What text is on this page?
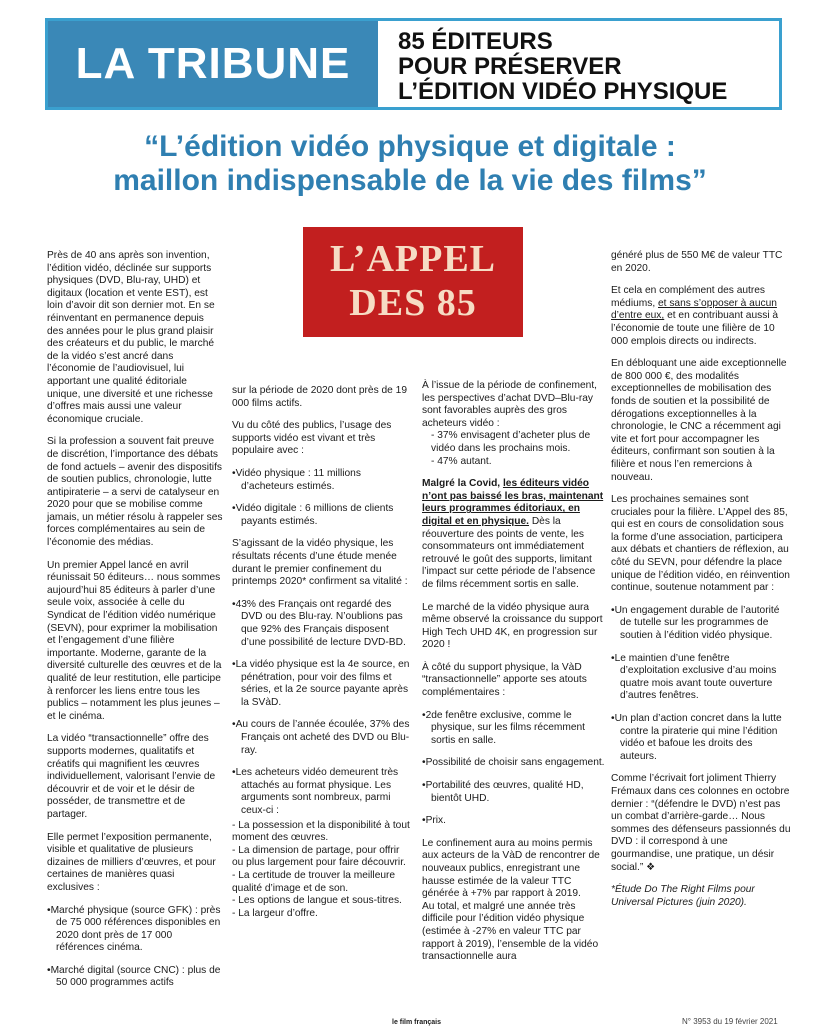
LA TRIBUNE	85 ÉDITEURS
POUR PRÉSERVER
L’ÉDITION VIDÉO PHYSIQUE
“L’édition vidéo physique et digitale :
maillon indispensable de la vie des films”
L’APPEL
DES 85

Près de 40 ans après son invention, l’édition vidéo, déclinée sur supports physiques (DVD, Blu-ray, UHD) et digitaux (location et vente EST), est loin d’avoir dit son dernier mot. En se réinventant en permanence depuis des années pour le plus grand plaisir des créateurs et du public, le marché de la vidéo s’est ancré dans l’économie de l’audiovisuel, lui apportant une qualité éditoriale unique, une diversité et une richesse d’offres mais aussi une valeur économique cruciale.

Si la profession a souvent fait preuve de discrétion, l’importance des débats de fond actuels – avenir des dispositifs de soutien publics, chronologie, lutte antipiraterie – a servi de catalyseur en 2020 pour que se mobilise comme jamais, un métier résolu à rappeler ses forces complémentaires au sein de l’économie des médias.

Un premier Appel lancé en avril réunissait 50 éditeurs… nous sommes aujourd’hui 85 éditeurs à parler d’une seule voix, associée à celle du Syndicat de l’édition vidéo numérique (SEVN), pour exprimer la mobilisation et l’engagement d’une filière importante. Moderne, garante de la diversité culturelle des œuvres et de la qualité de leur restitution, elle participe à renforcer les liens entre tous les publics – notamment les plus jeunes – et le cinéma.

La vidéo “transactionnelle” offre des supports modernes, qualitatifs et créatifs qui magnifient les œuvres individuellement, valorisant l’envie de découvrir et de voir et le désir de posséder, de transmettre et de partager.

Elle permet l’exposition permanente, visible et qualitative de plusieurs dizaines de milliers d’œuvres, et pour certaines de manières quasi exclusives :

•Marché physique (source GFK) : près de 75 000 références disponibles en 2020 dont près de 17 000 références cinéma.

•Marché digital (source CNC) : plus de 50 000 programmes actifs

sur la période de 2020 dont près de 19 000 films actifs.

Vu du côté des publics, l’usage des supports vidéo est vivant et très populaire avec :

•Vidéo physique : 11 millions d’acheteurs estimés.

•Vidéo digitale : 6 millions de clients payants estimés.

S’agissant de la vidéo physique, les résultats récents d’une étude menée durant le premier confinement du printemps 2020* confirment sa vitalité :

•43% des Français ont regardé des DVD ou des Blu-ray. N’oublions pas que 92% des Français disposent d’une possibilité de lecture DVD-BD.

•La vidéo physique est la 4e source, en pénétration, pour voir des films et séries, et la 2e source payante après la SVàD.

•Au cours de l’année écoulée, 37% des Français ont acheté des DVD ou Blu-ray.

•Les acheteurs vidéo demeurent très attachés au format physique. Les arguments sont nombreux, parmi ceux-ci :

- La possession et la disponibilité à tout moment des œuvres.

- La dimension de partage, pour offrir ou plus largement pour faire découvrir.

- La certitude de trouver la meilleure qualité d’image et de son.

- Les options de langue et sous-titres.

- La largeur d’offre.

À l’issue de la période de confinement, les perspectives d’achat DVD–Blu-ray sont favorables auprès des gros acheteurs vidéo :

- 37% envisagent d’acheter plus de vidéo dans les prochains mois.

- 47% autant.

Malgré la Covid, les éditeurs vidéo n’ont pas baissé les bras, maintenant leurs programmes éditoriaux, en digital et en physique. Dès la réouverture des points de vente, les consommateurs ont immédiatement retrouvé le goût des supports, limitant l’impact sur cette période de l’absence de films récemment sortis en salle.

Le marché de la vidéo physique aura même observé la croissance du support High Tech UHD 4K, en progression sur 2020 !

À côté du support physique, la VàD “transactionnelle” apporte ses atouts complémentaires :

•2de fenêtre exclusive, comme le physique, sur les films récemment sortis en salle.

•Possibilité de choisir sans engagement.

•Portabilité des œuvres, qualité HD, bientôt UHD.

•Prix.

Le confinement aura au moins permis aux acteurs de la VàD de rencontrer de nouveaux publics, enregistrant une hausse estimée de la valeur TTC générée à +7% par rapport à 2019.

Au total, et malgré une année très difficile pour l’édition vidéo physique (estimée à -27% en valeur TTC par rapport à 2019), l’ensemble de la vidéo transactionnelle aura

généré plus de 550 M€ de valeur TTC en 2020.

Et cela en complément des autres médiums, et sans s’opposer à aucun d’entre eux, et en contribuant aussi à l’économie de toute une filière de 10 000 emplois directs ou indirects.

En débloquant une aide exceptionnelle de 800 000 €, des modalités exceptionnelles de mobilisation des fonds de soutien et la possibilité de dérogations exceptionnelles à la chronologie, le CNC a récemment agi vite et fort pour accompagner les éditeurs, confirmant son soutien à la filière et nous l’en remercions à nouveau.

Les prochaines semaines sont cruciales pour la filière. L’Appel des 85, qui est en cours de consolidation sous la forme d’une association, participera aux débats et chantiers de réflexion, au côté du SEVN, pour défendre la place unique de l’édition vidéo, en réinvention continue, soutenue notamment par :

•Un engagement durable de l’autorité de tutelle sur les programmes de soutien à l’édition vidéo physique.

•Le maintien d’une fenêtre d’exploitation exclusive d’au moins quatre mois avant toute ouverture d’autres fenêtres.

•Un plan d’action concret dans la lutte contre la piraterie qui mine l’édition vidéo et bafoue les droits des auteurs.

Comme l’écrivait fort joliment Thierry Frémaux dans ces colonnes en octobre dernier : “(défendre le DVD) n’est pas un combat d’arrière-garde… Nous sommes des défenseurs passionnés du DVD : il correspond à une gourmandise, une pratique, un désir social.” ❖

*Étude Do The Right Films pour Universal Pictures (juin 2020).

le film français	N° 3953 du 19 février 2021
